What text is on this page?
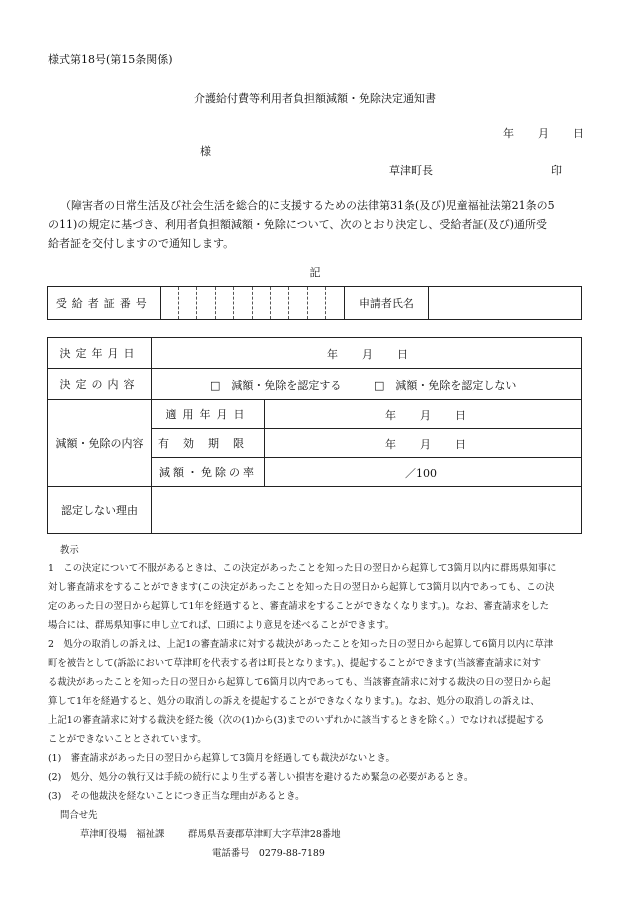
様式第18号(第15条関係)
介護給付費等利用者負担額減額・免除決定通知書
年 月 日
様
草津町長	印
（障害者の日常生活及び社会生活を総合的に支援するための法律第31条(及び)児童福祉法第21条の5
の11)の規定に基づき、利用者負担額減額・免除について、次のとおり決定し、受給者証(及び)通所受
給者証を交付しますので通知します。
記
受給者証番号											申請者氏名	
決定年月日	年 月 日	

決定の内容	□　減額・免除を認定する □　減額・免除を認定しない	

減額・免除の内容	適用年月日	年 月 日

	有効期限	年 月 日

	減額・免除の率	／100

認定しない理由		
教示

1　この決定について不服があるときは、この決定があったことを知った日の翌日から起算して3箇月以内に群馬県知事に

対し審査請求をすることができます(この決定があったことを知った日の翌日から起算して3箇月以内であっても、この決

定のあった日の翌日から起算して1年を経過すると、審査請求をすることができなくなります。)。なお、審査請求をした

場合には、群馬県知事に申し立てれば、口頭により意見を述べることができます。

2　処分の取消しの訴えは、上記1の審査請求に対する裁決があったことを知った日の翌日から起算して6箇月以内に草津

町を被告として(訴訟において草津町を代表する者は町長となります。)、提起することができます(当該審査請求に対す

る裁決があったことを知った日の翌日から起算して6箇月以内であっても、当該審査請求に対する裁決の日の翌日から起

算して1年を経過すると、処分の取消しの訴えを提起することができなくなります。)。なお、処分の取消しの訴えは、

上記1の審査請求に対する裁決を経た後（次の(1)から(3)までのいずれかに該当するときを除く。）でなければ提起する

ことができないこととされています。

(1)　審査請求があった日の翌日から起算して3箇月を経過しても裁決がないとき。

(2)　処分、処分の執行又は手続の続行により生ずる著しい損害を避けるため緊急の必要があるとき。

(3)　その他裁決を経ないことにつき正当な理由があるとき。

問合せ先
草津町役場　福祉課	群馬県吾妻郡草津町大字草津28番地
電話番号　0279-88-7189
